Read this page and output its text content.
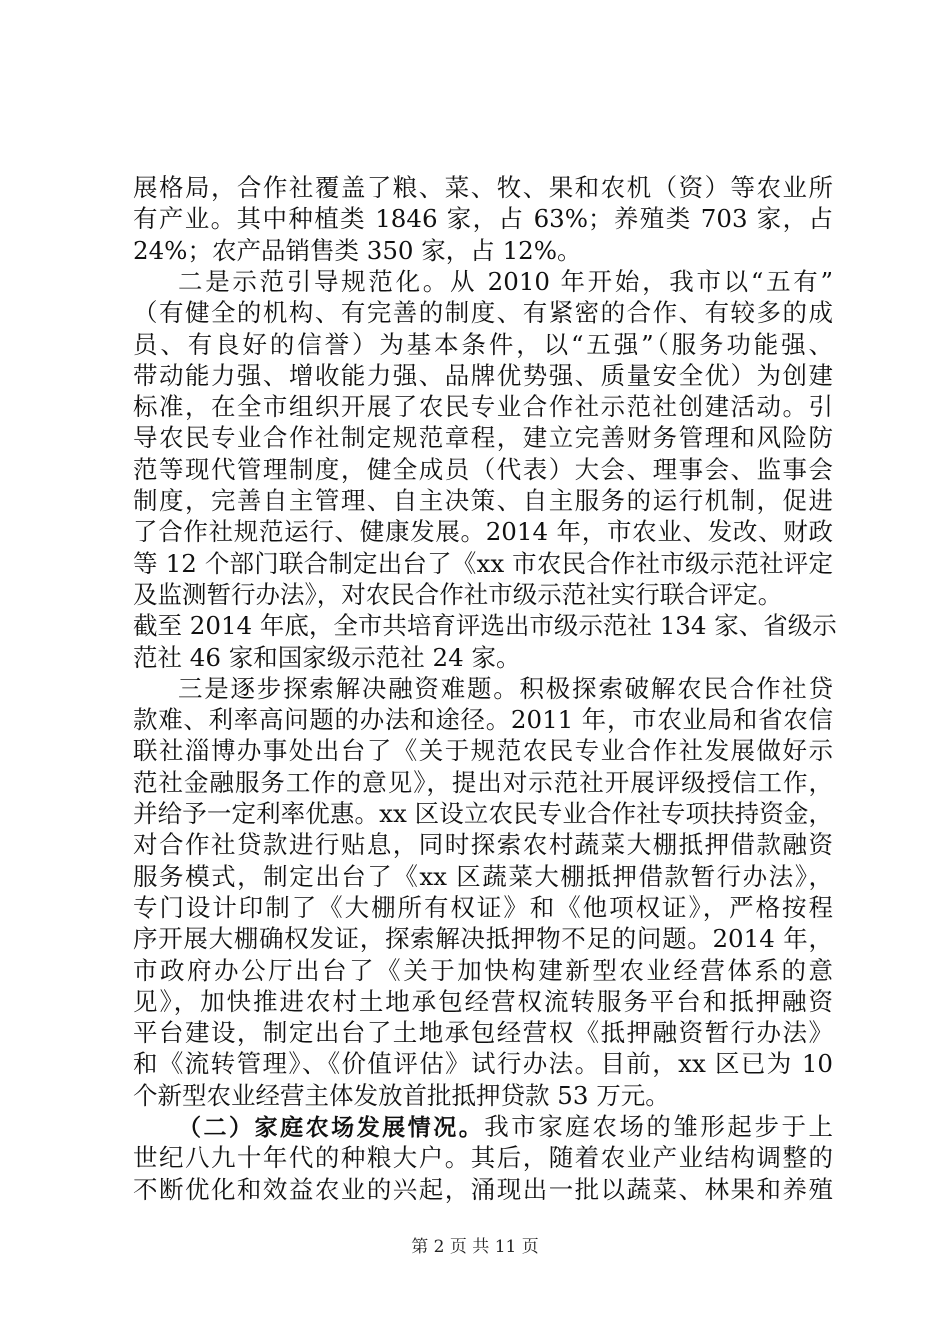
展格局，合作社覆盖了粮、菜、牧、果和农机（资）等农业所
有产业。其中种植类 1846 家，占 63%；养殖类 703 家，占
24%；农产品销售类 350 家，占 12%。
二是示范引导规范化。从 2010 年开始，我市以“五有”
（有健全的机构、有完善的制度、有紧密的合作、有较多的成
员、有良好的信誉）为基本条件，以“五强”（服务功能强、
带动能力强、增收能力强、品牌优势强、质量安全优）为创建
标准，在全市组织开展了农民专业合作社示范社创建活动。引
导农民专业合作社制定规范章程，建立完善财务管理和风险防
范等现代管理制度，健全成员（代表）大会、理事会、监事会
制度，完善自主管理、自主决策、自主服务的运行机制，促进
了合作社规范运行、健康发展。2014 年，市农业、发改、财政
等 12 个部门联合制定出台了《xx 市农民合作社市级示范社评定
及监测暂行办法》，对农民合作社市级示范社实行联合评定。
截至 2014 年底，全市共培育评选出市级示范社 134 家、省级示
范社 46 家和国家级示范社 24 家。
三是逐步探索解决融资难题。积极探索破解农民合作社贷
款难、利率高问题的办法和途径。2011 年，市农业局和省农信
联社淄博办事处出台了《关于规范农民专业合作社发展做好示
范社金融服务工作的意见》，提出对示范社开展评级授信工作，
并给予一定利率优惠。xx 区设立农民专业合作社专项扶持资金，
对合作社贷款进行贴息，同时探索农村蔬菜大棚抵押借款融资
服务模式，制定出台了《xx 区蔬菜大棚抵押借款暂行办法》，
专门设计印制了《大棚所有权证》和《他项权证》，严格按程
序开展大棚确权发证，探索解决抵押物不足的问题。2014 年，
市政府办公厅出台了《关于加快构建新型农业经营体系的意
见》，加快推进农村土地承包经营权流转服务平台和抵押融资
平台建设，制定出台了土地承包经营权《抵押融资暂行办法》
和《流转管理》、《价值评估》试行办法。目前，xx 区已为 10
个新型农业经营主体发放首批抵押贷款 53 万元。
第 2 页 共 11 页
（二）家庭农场发展情况。我市家庭农场的雏形起步于上
世纪八九十年代的种粮大户。其后，随着农业产业结构调整的
不断优化和效益农业的兴起，涌现出一批以蔬菜、林果和养殖
